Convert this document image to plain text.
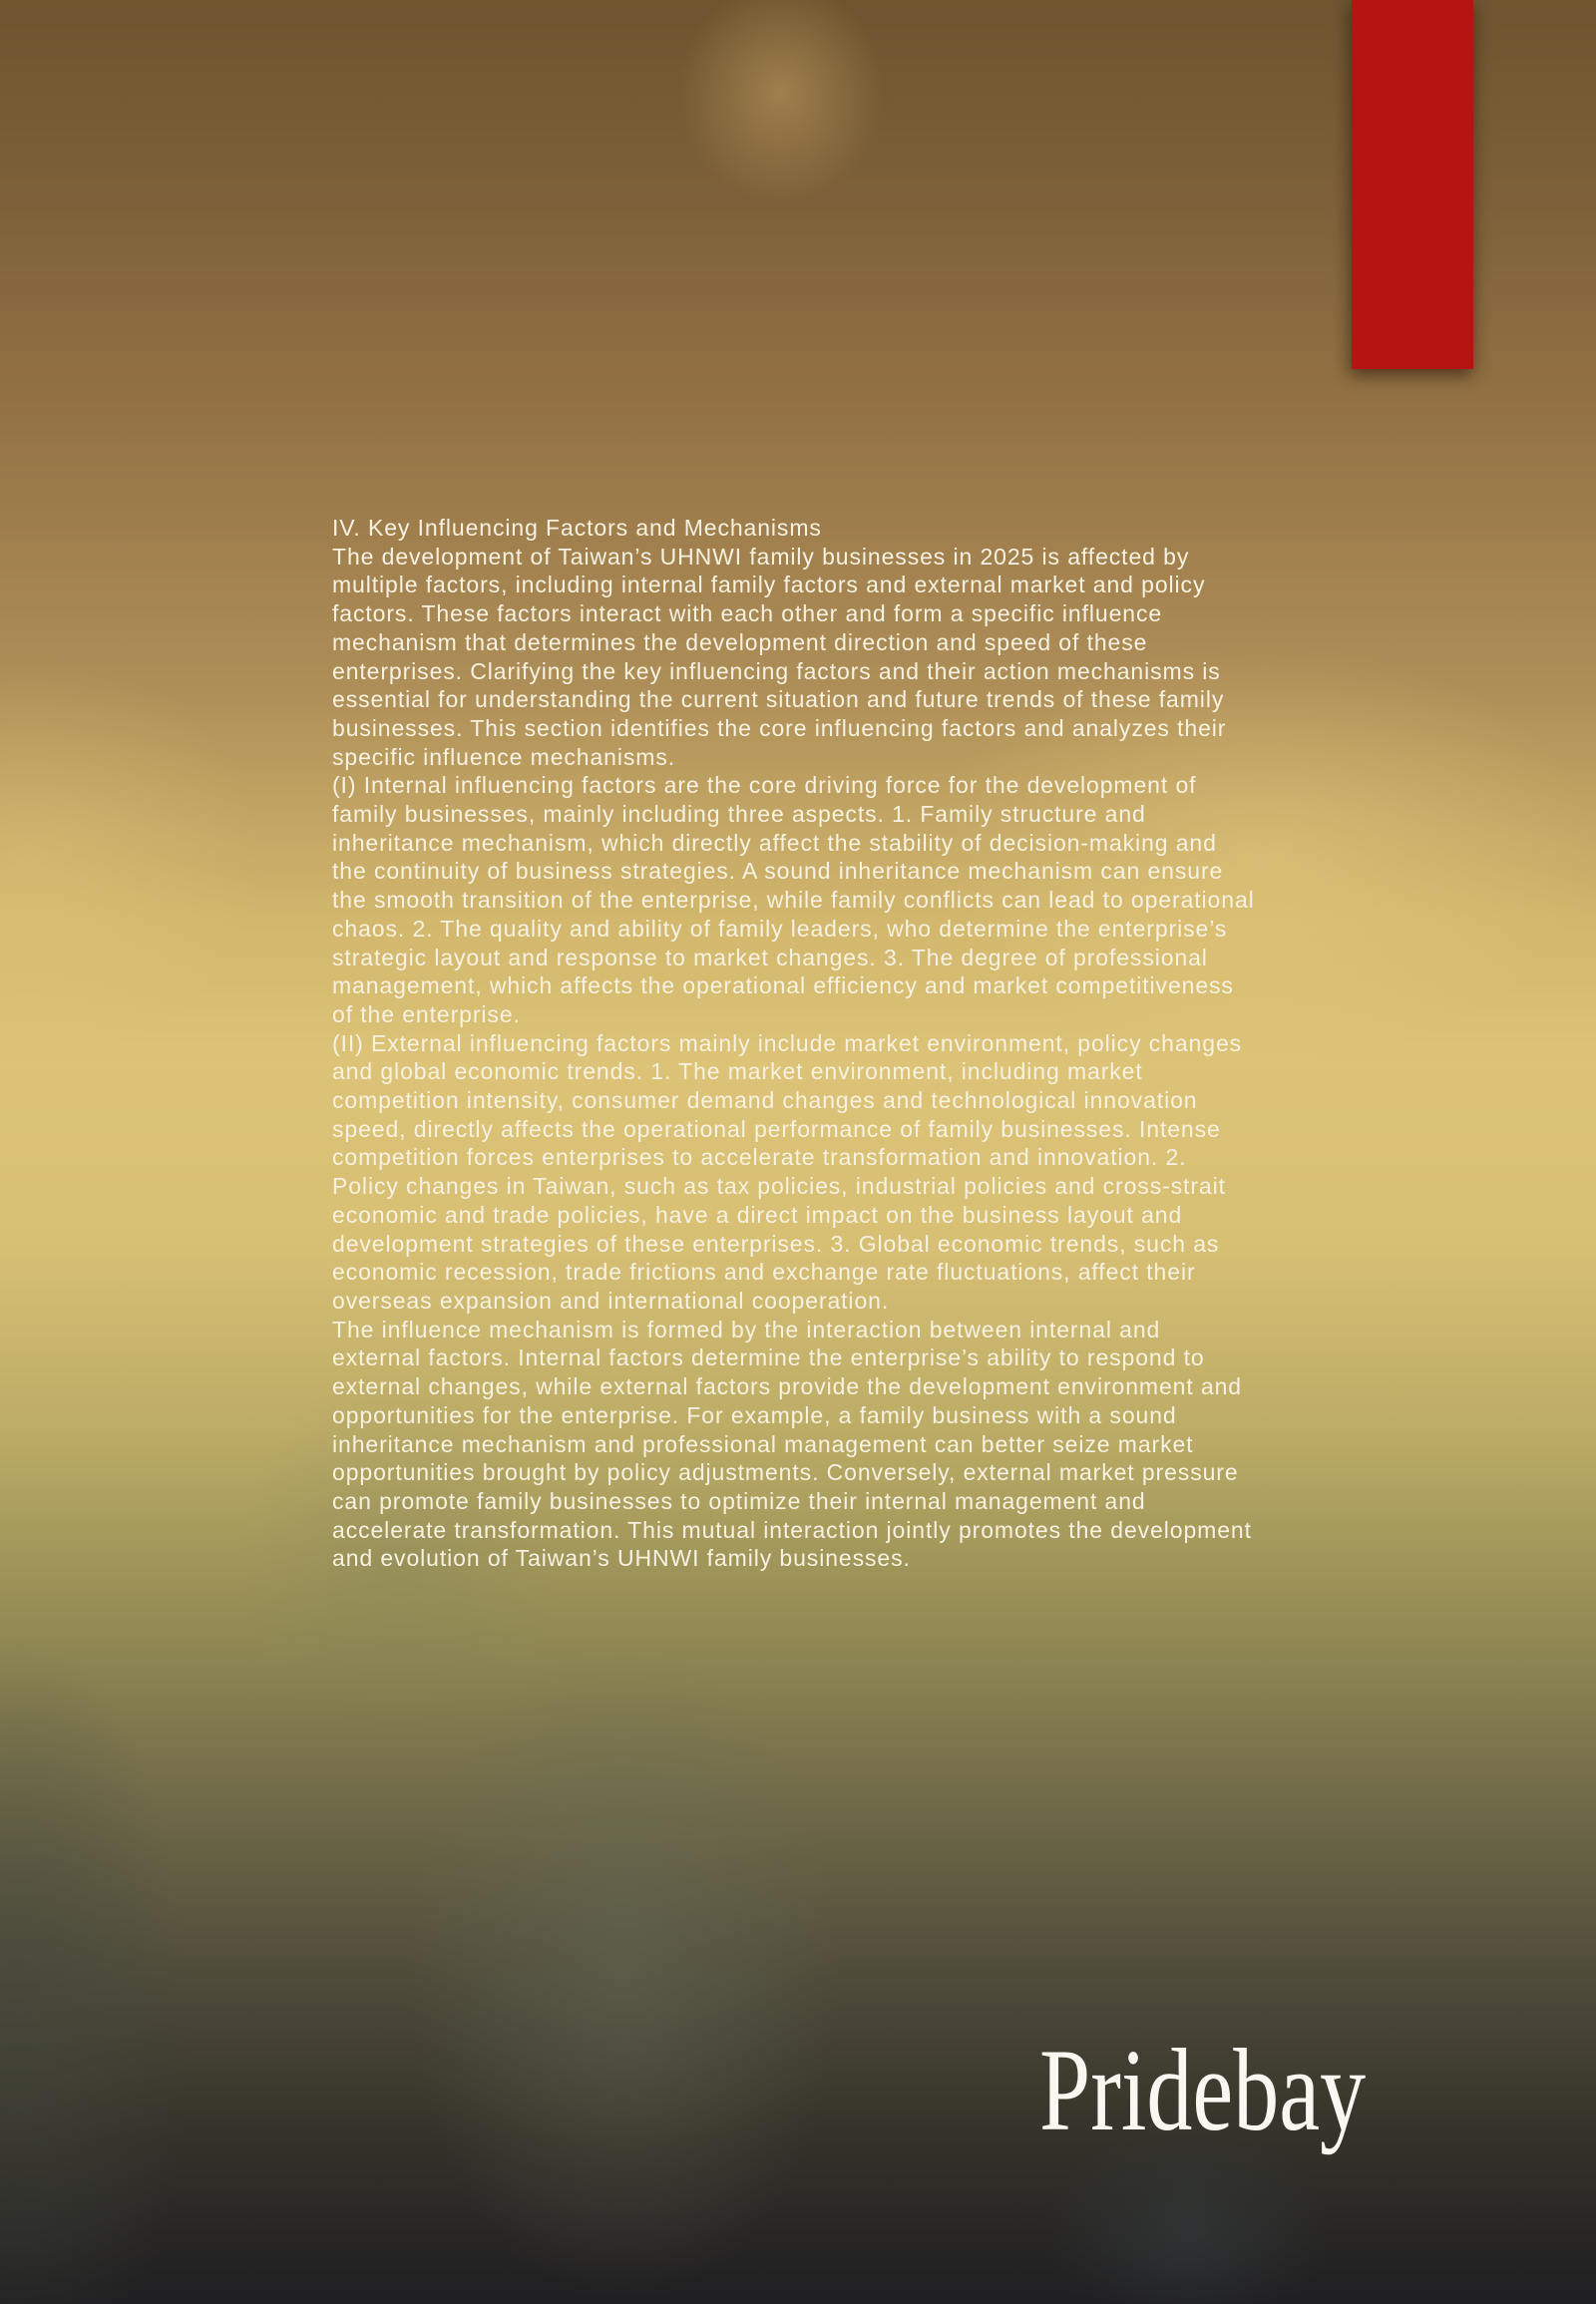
IV. Key Influencing Factors and Mechanisms

The development of Taiwan’s UHNWI family businesses in 2025 is affected by multiple factors, including internal family factors and external market and policy factors. These factors interact with each other and form a specific influence mechanism that determines the development direction and speed of these enterprises. Clarifying the key influencing factors and their action mechanisms is essential for understanding the current situation and future trends of these family businesses. This section identifies the core influencing factors and analyzes their specific influence mechanisms.

(I) Internal influencing factors are the core driving force for the development of family businesses, mainly including three aspects. 1. Family structure and inheritance mechanism, which directly affect the stability of decision-making and the continuity of business strategies. A sound inheritance mechanism can ensure the smooth transition of the enterprise, while family conflicts can lead to operational chaos. 2. The quality and ability of family leaders, who determine the enterprise’s strategic layout and response to market changes. 3. The degree of professional management, which affects the operational efficiency and market competitiveness of the enterprise.

(II) External influencing factors mainly include market environment, policy changes and global economic trends. 1. The market environment, including market competition intensity, consumer demand changes and technological innovation speed, directly affects the operational performance of family businesses. Intense competition forces enterprises to accelerate transformation and innovation. 2. Policy changes in Taiwan, such as tax policies, industrial policies and cross-strait economic and trade policies, have a direct impact on the business layout and development strategies of these enterprises. 3. Global economic trends, such as economic recession, trade frictions and exchange rate fluctuations, affect their overseas expansion and international cooperation.

The influence mechanism is formed by the interaction between internal and external factors. Internal factors determine the enterprise’s ability to respond to external changes, while external factors provide the development environment and opportunities for the enterprise. For example, a family business with a sound inheritance mechanism and professional management can better seize market opportunities brought by policy adjustments. Conversely, external market pressure can promote family businesses to optimize their internal management and accelerate transformation. This mutual interaction jointly promotes the development and evolution of Taiwan’s UHNWI family businesses.

Pridebay
